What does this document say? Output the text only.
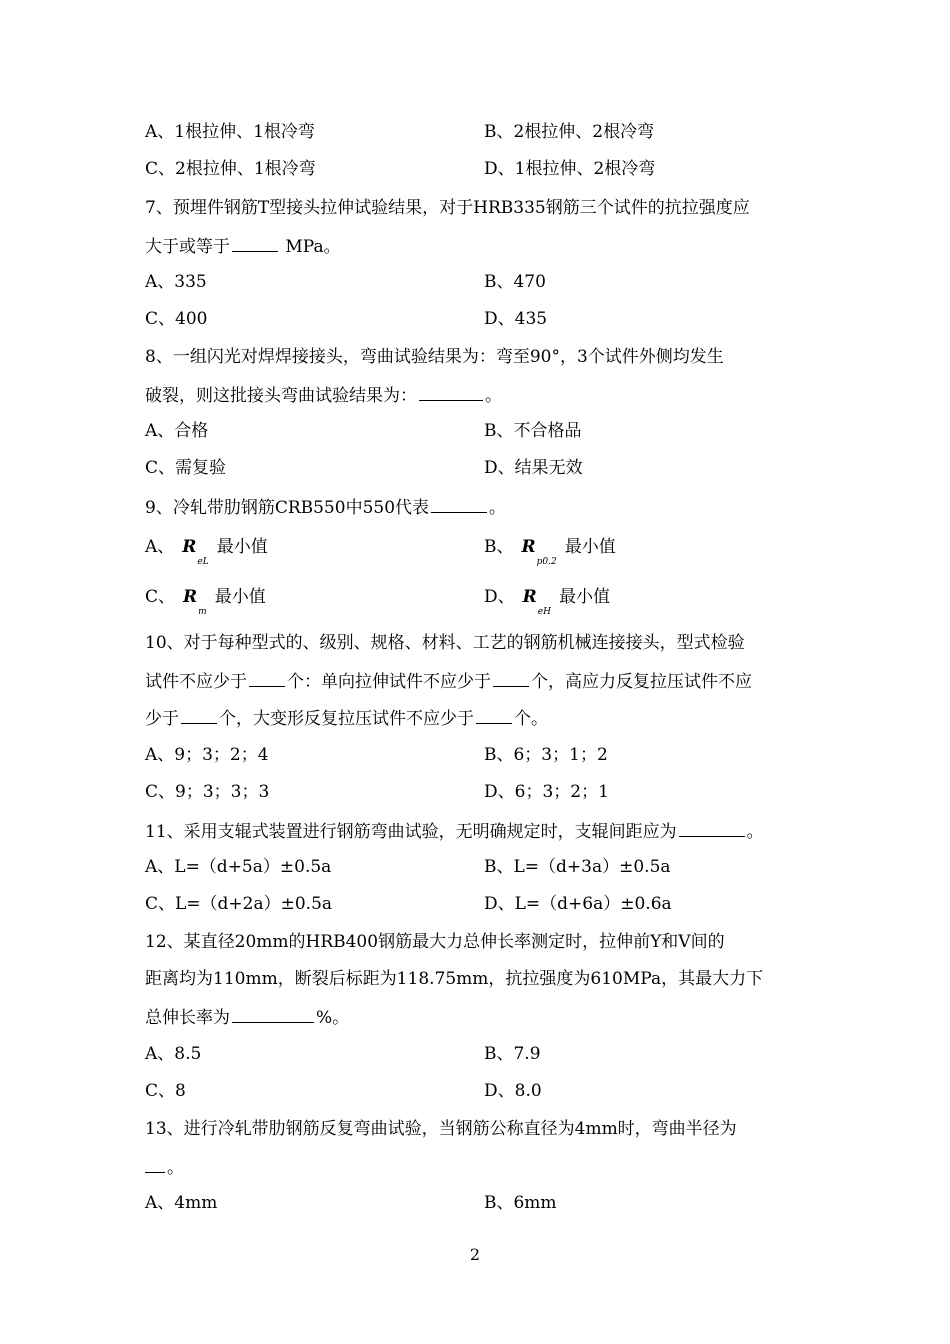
A、1根拉伸、1根冷弯	B、2根拉伸、2根冷弯
C、2根拉伸、1根冷弯	D、1根拉伸、2根冷弯
7、预埋件钢筋T型接头拉伸试验结果，对于HRB335钢筋三个试件的抗拉强度应
大于或等于	MPa。
A、335	B、470
C、400	D、435
8、一组闪光对焊焊接接头，弯曲试验结果为：弯至90°，3个试件外侧均发生
破裂，则这批接头弯曲试验结果为：	。
A、合格	B、不合格品
C、需复验	D、结果无效
9、冷轧带肋钢筋CRB550中550代表	。
A、 $R_{eL}$最小值	B、 $R_{p0.2}$最小值
C、 $R_m$最小值	D、 $R_{eH}$最小值
10、对于每种型式的、级别、规格、材料、工艺的钢筋机械连接接头，型式检验
试件不应少于 个：单向拉伸试件不应少于 个，高应力反复拉压试件不应
少于 个，大变形反复拉压试件不应少于 个。
A、9；3；2；4	B、6；3；1；2
C、9；3；3；3	D、6；3；2；1
11、采用支辊式装置进行钢筋弯曲试验，无明确规定时，支辊间距应为	。
A、L=（d+5a）±0.5a	B、L=（d+3a）±0.5a
C、L=（d+2a）±0.5a	D、L=（d+6a）±0.6a
12、某直径20mm的HRB400钢筋最大力总伸长率测定时，拉伸前Y和V间的
距离均为110mm，断裂后标距为118.75mm，抗拉强度为610MPa，其最大力下
总伸长率为	%。
A、8.5	B、7.9
C、8	D、8.0
13、进行冷轧带肋钢筋反复弯曲试验，当钢筋公称直径为4mm时，弯曲半径为
。
A、4mm	B、6mm
2
